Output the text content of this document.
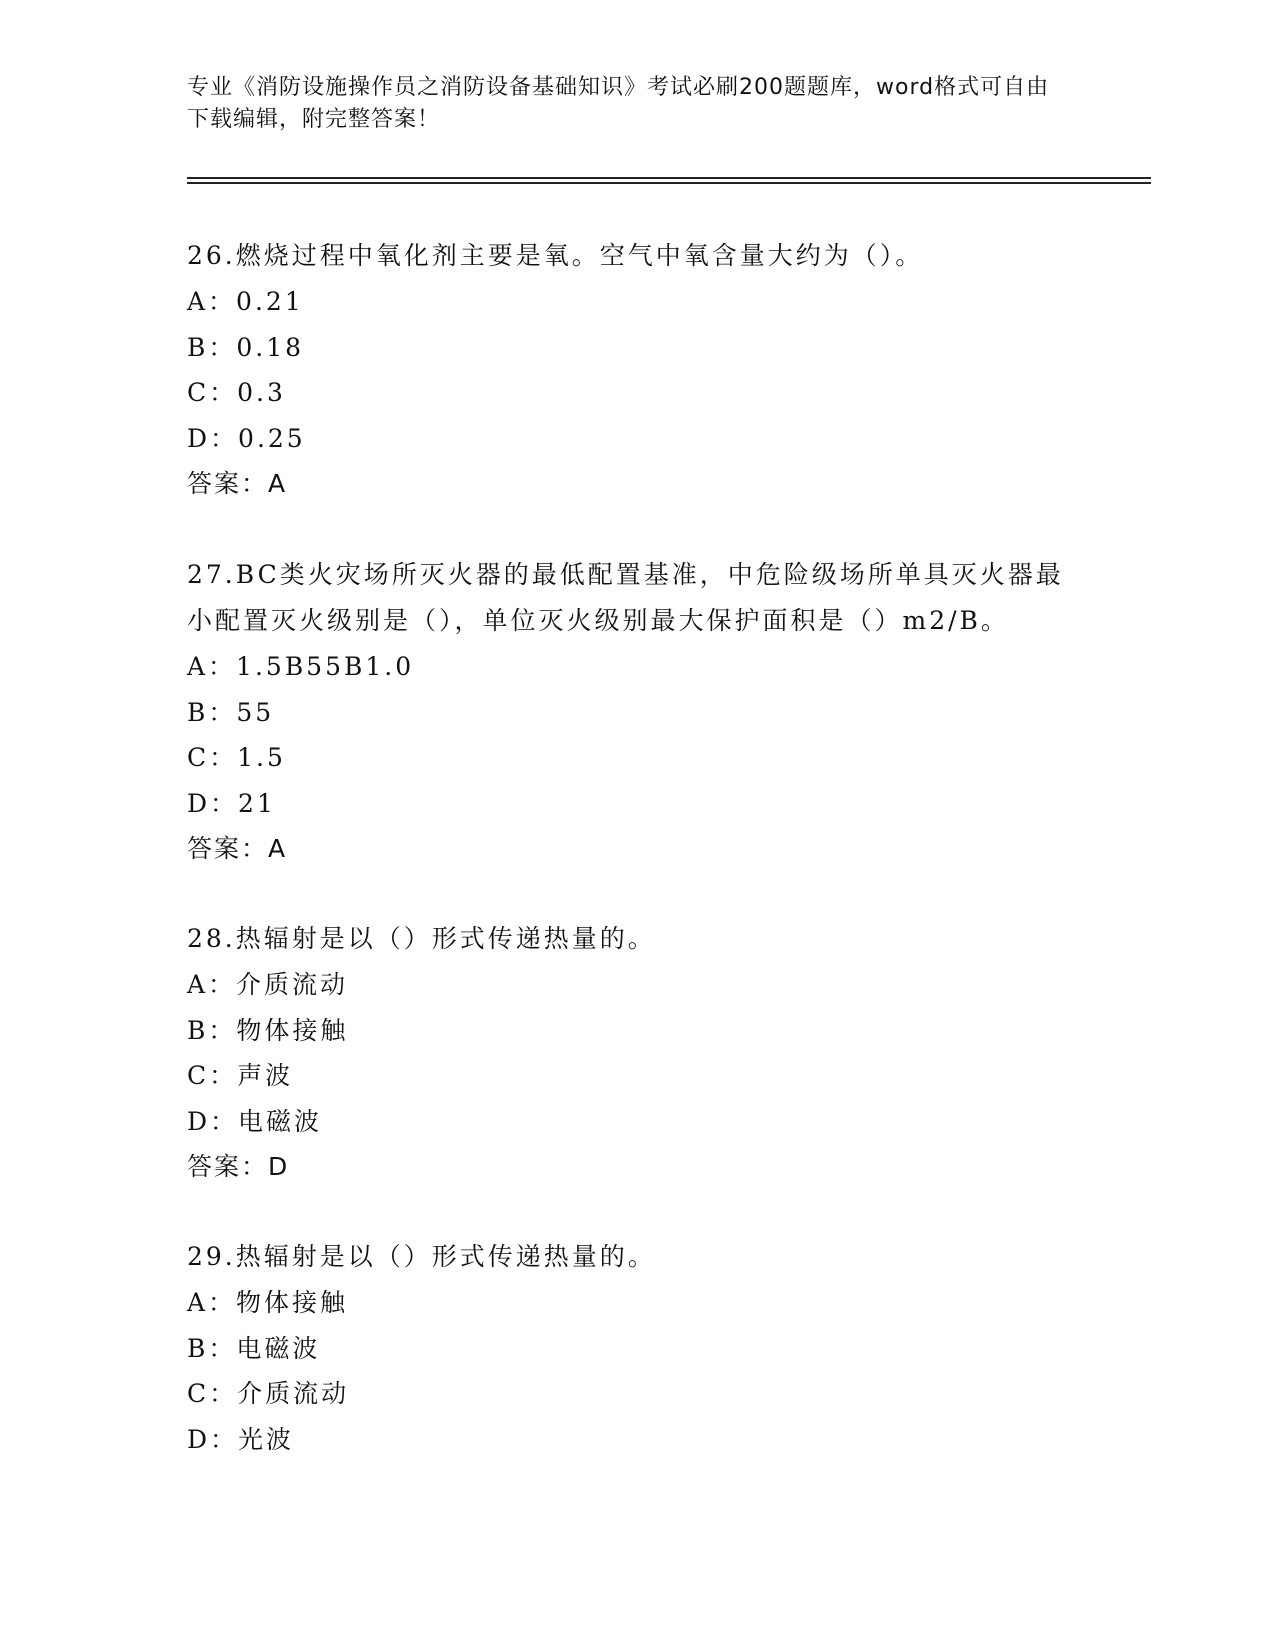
专业《消防设施操作员之消防设备基础知识》考试必刷200题题库，word格式可自由下载编辑，附完整答案！

26.燃烧过程中氧化剂主要是氧。空气中氧含量大约为（）。

A：0.21

B：0.18

C：0.3

D：0.25

答案：A

27.BC类火灾场所灭火器的最低配置基准，中危险级场所单具灭火器最小配置灭火级别是（），单位灭火级别最大保护面积是（）m2/B。

A：1.5B55B1.0

B：55

C：1.5

D：21

答案：A

28.热辐射是以（）形式传递热量的。

A：介质流动

B：物体接触

C：声波

D：电磁波

答案：D

29.热辐射是以（）形式传递热量的。

A：物体接触

B：电磁波

C：介质流动

D：光波
